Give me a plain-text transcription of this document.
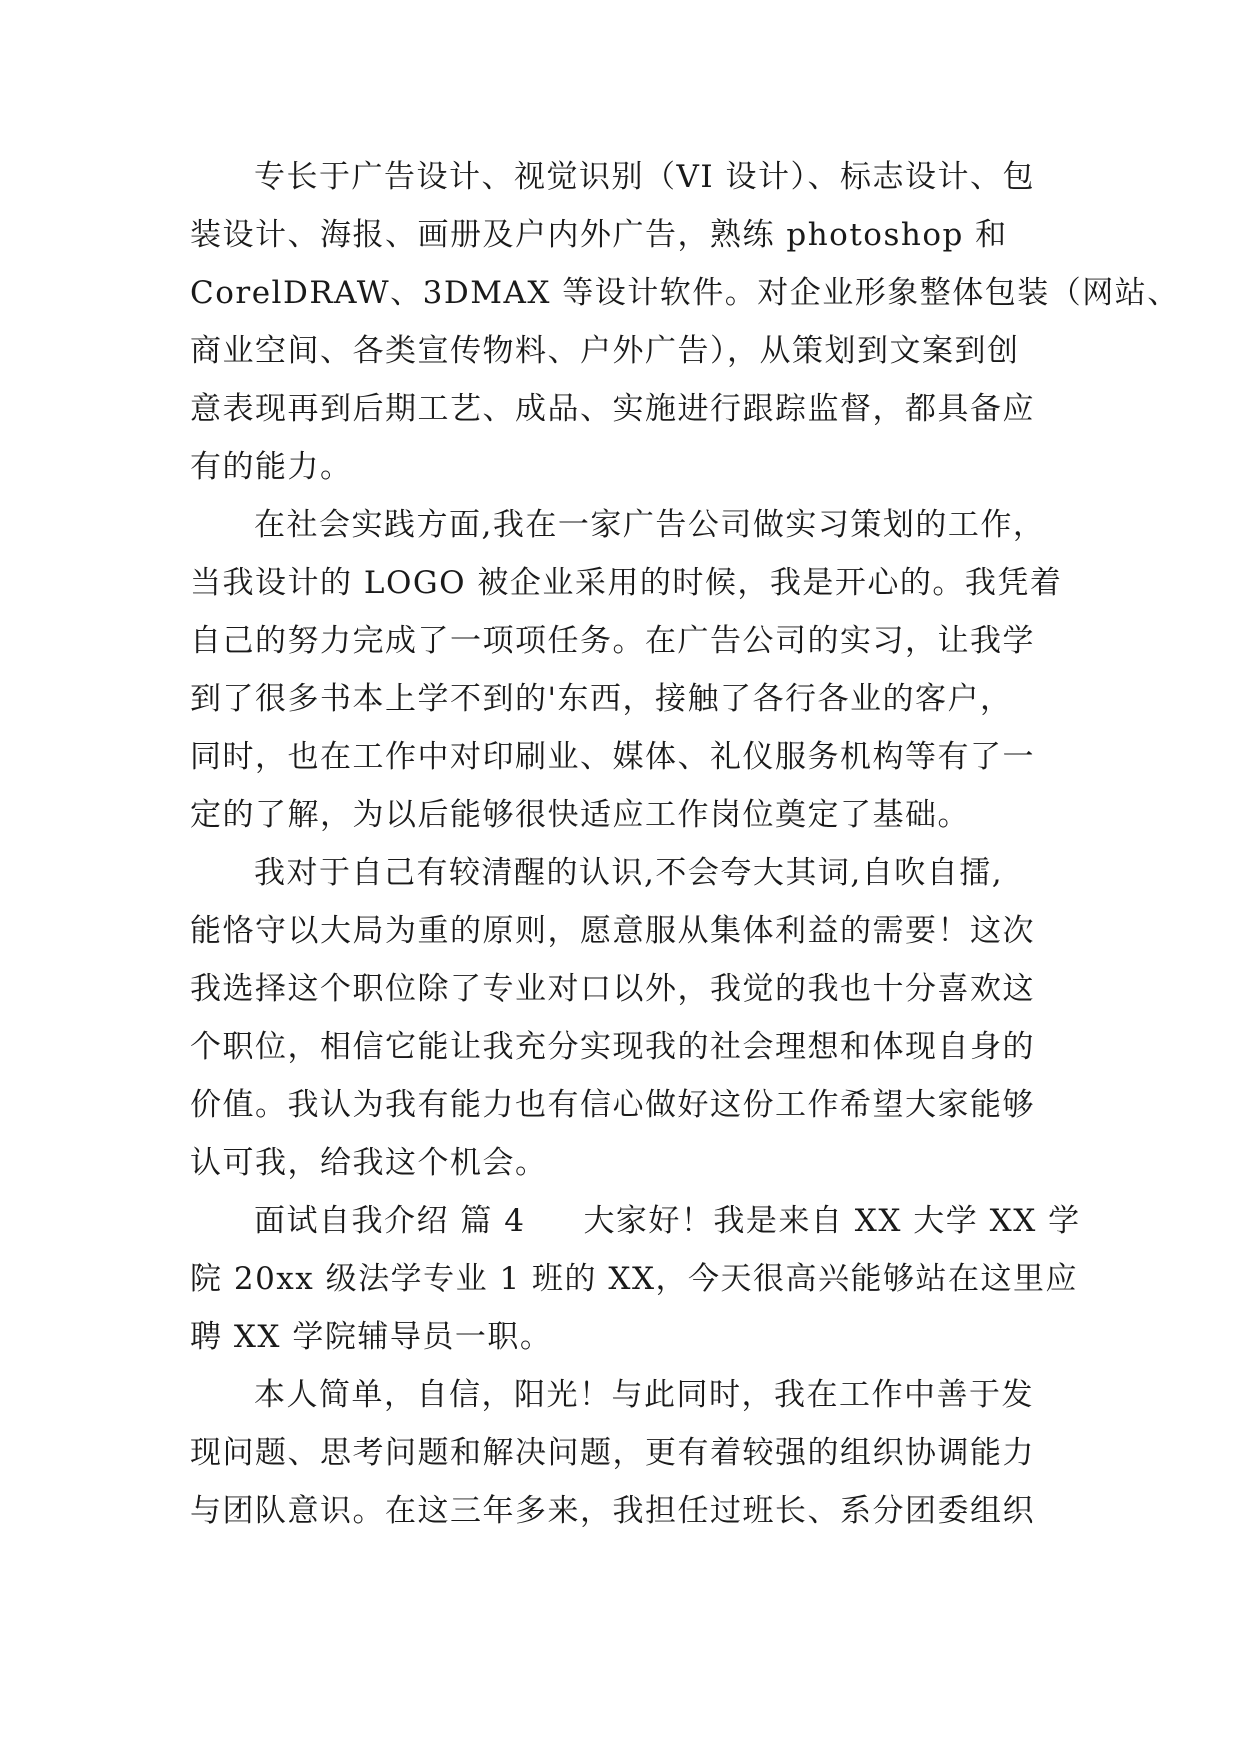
专长于广告设计、视觉识别（VI 设计）、标志设计、包
装设计、海报、画册及户内外广告，熟练 photoshop 和
CorelDRAW、3DMAX 等设计软件。对企业形象整体包装（网站、
商业空间、各类宣传物料、户外广告），从策划到文案到创
意表现再到后期工艺、成品、实施进行跟踪监督，都具备应
有的能力。
在社会实践方面,我在一家广告公司做实习策划的工作，
当我设计的 LOGO 被企业采用的时候，我是开心的。我凭着
自己的努力完成了一项项任务。在广告公司的实习，让我学
到了很多书本上学不到的'东西，接触了各行各业的客户，
同时，也在工作中对印刷业、媒体、礼仪服务机构等有了一
定的了解，为以后能够很快适应工作岗位奠定了基础。
我对于自己有较清醒的认识,不会夸大其词,自吹自擂,
能恪守以大局为重的原则，愿意服从集体利益的需要！这次
我选择这个职位除了专业对口以外，我觉的我也十分喜欢这
个职位，相信它能让我充分实现我的社会理想和体现自身的
价值。我认为我有能力也有信心做好这份工作希望大家能够
认可我，给我这个机会。
面试自我介绍 篇 4 大家好！我是来自 XX 大学 XX 学
院 20xx 级法学专业 1 班的 XX，今天很高兴能够站在这里应
聘 XX 学院辅导员一职。
本人简单，自信，阳光！与此同时，我在工作中善于发
现问题、思考问题和解决问题，更有着较强的组织协调能力
与团队意识。在这三年多来，我担任过班长、系分团委组织
